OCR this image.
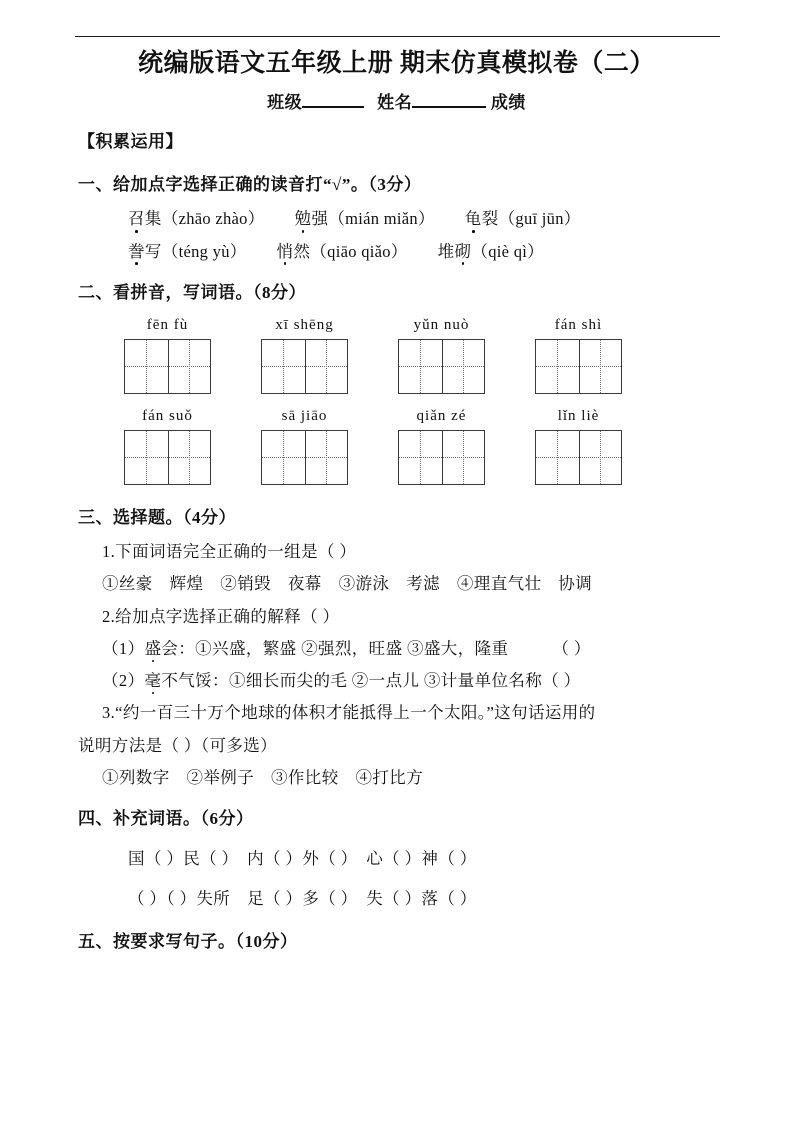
统编版语文五年级上册 期末仿真模拟卷（二）
班级	姓名	成绩
【积累运用】
一、给加点字选择正确的读音打“√”。（3分）
召集（zhāo zhào） 勉强（mián miǎn） 龟裂（guī jūn）
誊写（téng yù） 悄然（qiāo qiǎo） 堆砌（qiè qì）
二、看拼音，写词语。（8分）
fēn fù	xī shēng	yǔn nuò	fán shì
fán suǒ	sā jiāo	qiǎn zé	lǐn liè
三、选择题。（4分）
1.下面词语完全正确的一组是（ ）
①丝豪　辉煌　②销毁　夜幕　③游泳　考滤　④理直气壮　协调
2.给加点字选择正确的解释（ ）
（1）盛会：①兴盛，繁盛 ②强烈，旺盛 ③盛大，隆重	（ ）
（2）毫不气馁：①细长而尖的毛 ②一点儿 ③计量单位名称（ ）
3.“约一百三十万个地球的体积才能抵得上一个太阳。”这句话运用的
说明方法是（ ）（可多选）
①列数字　②举例子　③作比较　④打比方
四、补充词语。（6分）
国（ ）民（ ）　内（ ）外（ ）　心（ ）神（ ）
（ ）（ ）失所　足（ ）多（ ）　失（ ）落（ ）
五、按要求写句子。（10分）
